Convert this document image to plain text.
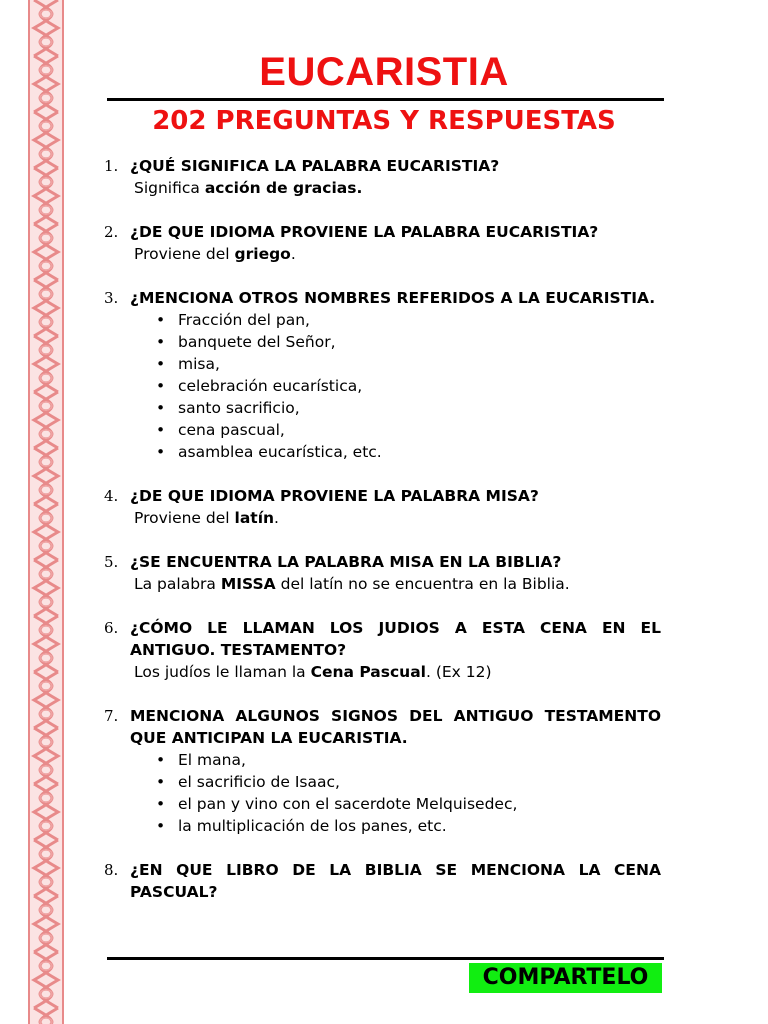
EUCARISTIA
202 PREGUNTAS Y RESPUESTAS
1. ¿QUÉ SIGNIFICA LA PALABRA EUCARISTIA?
Significa acción de gracias.
2. ¿DE QUE IDIOMA PROVIENE LA PALABRA EUCARISTIA?
Proviene del griego.
3. ¿MENCIONA OTROS NOMBRES REFERIDOS A LA EUCARISTIA.
• Fracción del pan,
• banquete del Señor,
• misa,
• celebración eucarística,
• santo sacrificio,
• cena pascual,
• asamblea eucarística, etc.
4. ¿DE QUE IDIOMA PROVIENE LA PALABRA MISA?
Proviene del latín.
5. ¿SE ENCUENTRA LA PALABRA MISA EN LA BIBLIA?
La palabra MISSA del latín no se encuentra en la Biblia.
6. ¿CÓMO LE LLAMAN LOS JUDIOS A ESTA CENA EN EL ANTIGUO. TESTAMENTO?
Los judíos le llaman la Cena Pascual. (Ex 12)
7. MENCIONA ALGUNOS SIGNOS DEL ANTIGUO TESTAMENTO QUE ANTICIPAN LA EUCARISTIA.
• El mana,
• el sacrificio de Isaac,
• el pan y vino con el sacerdote Melquisedec,
• la multiplicación de los panes, etc.
8. ¿EN QUE LIBRO DE LA BIBLIA SE MENCIONA LA CENA PASCUAL?
COMPARTELO
